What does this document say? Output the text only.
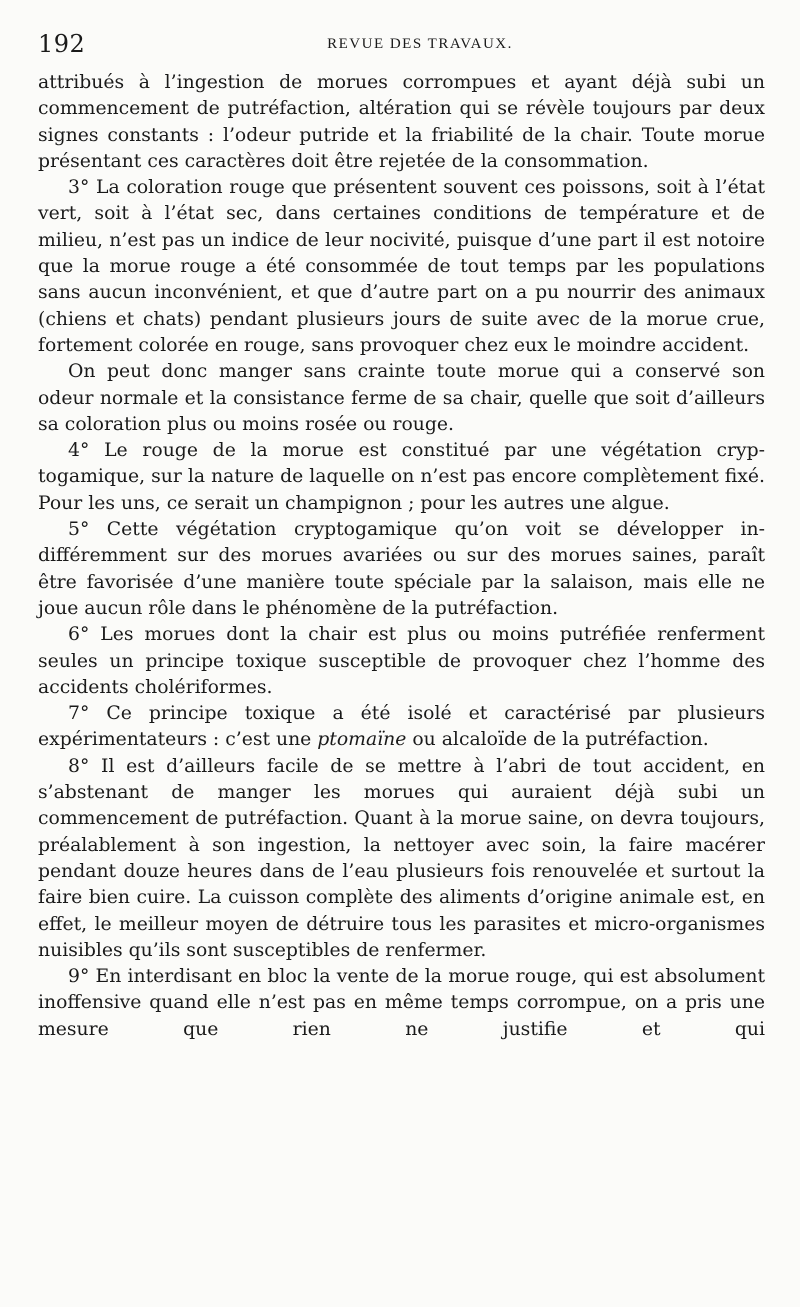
192	REVUE DES TRAVAUX.

attribués à l’ingestion de morues corrompues et ayant déjà subi un commencement de putréfaction, altération qui se révèle toujours par deux signes constants : l’odeur putride et la friabilité de la chair. Toute morue présentant ces caractères doit être rejetée de la consommation.

3° La coloration rouge que présentent souvent ces poissons, soit à l’état vert, soit à l’état sec, dans certaines conditions de température et de milieu, n’est pas un indice de leur nocivité, puisque d’une part il est notoire que la morue rouge a été consommée de tout temps par les populations sans aucun inconvénient, et que d’autre part on a pu nourrir des animaux (chiens et chats) pendant plusieurs jours de suite avec de la morue crue, fortement colorée en rouge, sans provoquer chez eux le moindre accident.

On peut donc manger sans crainte toute morue qui a conservé son odeur normale et la consistance ferme de sa chair, quelle que soit d’ailleurs sa coloration plus ou moins rosée ou rouge.

4° Le rouge de la morue est constitué par une végétation cryptogamique, sur la nature de laquelle on n’est pas encore complètement fixé. Pour les uns, ce serait un champignon ; pour les autres une algue.

5° Cette végétation cryptogamique qu’on voit se développer indifféremment sur des morues avariées ou sur des morues saines, paraît être favorisée d’une manière toute spéciale par la salaison, mais elle ne joue aucun rôle dans le phénomène de la putréfaction.

6° Les morues dont la chair est plus ou moins putréfiée renferment seules un principe toxique susceptible de provoquer chez l’homme des accidents cholériformes.

7° Ce principe toxique a été isolé et caractérisé par plusieurs expérimentateurs : c’est une ptomaïne ou alcaloïde de la putréfaction.

8° Il est d’ailleurs facile de se mettre à l’abri de tout accident, en s’abstenant de manger les morues qui auraient déjà subi un commencement de putréfaction. Quant à la morue saine, on devra toujours, préalablement à son ingestion, la nettoyer avec soin, la faire macérer pendant douze heures dans de l’eau plusieurs fois renouvelée et surtout la faire bien cuire. La cuisson complète des aliments d’origine animale est, en effet, le meilleur moyen de détruire tous les parasites et micro-organismes nuisibles qu’ils sont susceptibles de renfermer.

9° En interdisant en bloc la vente de la morue rouge, qui est absolument inoffensive quand elle n’est pas en même temps corrompue, on a pris une mesure que rien ne justifie et qui
